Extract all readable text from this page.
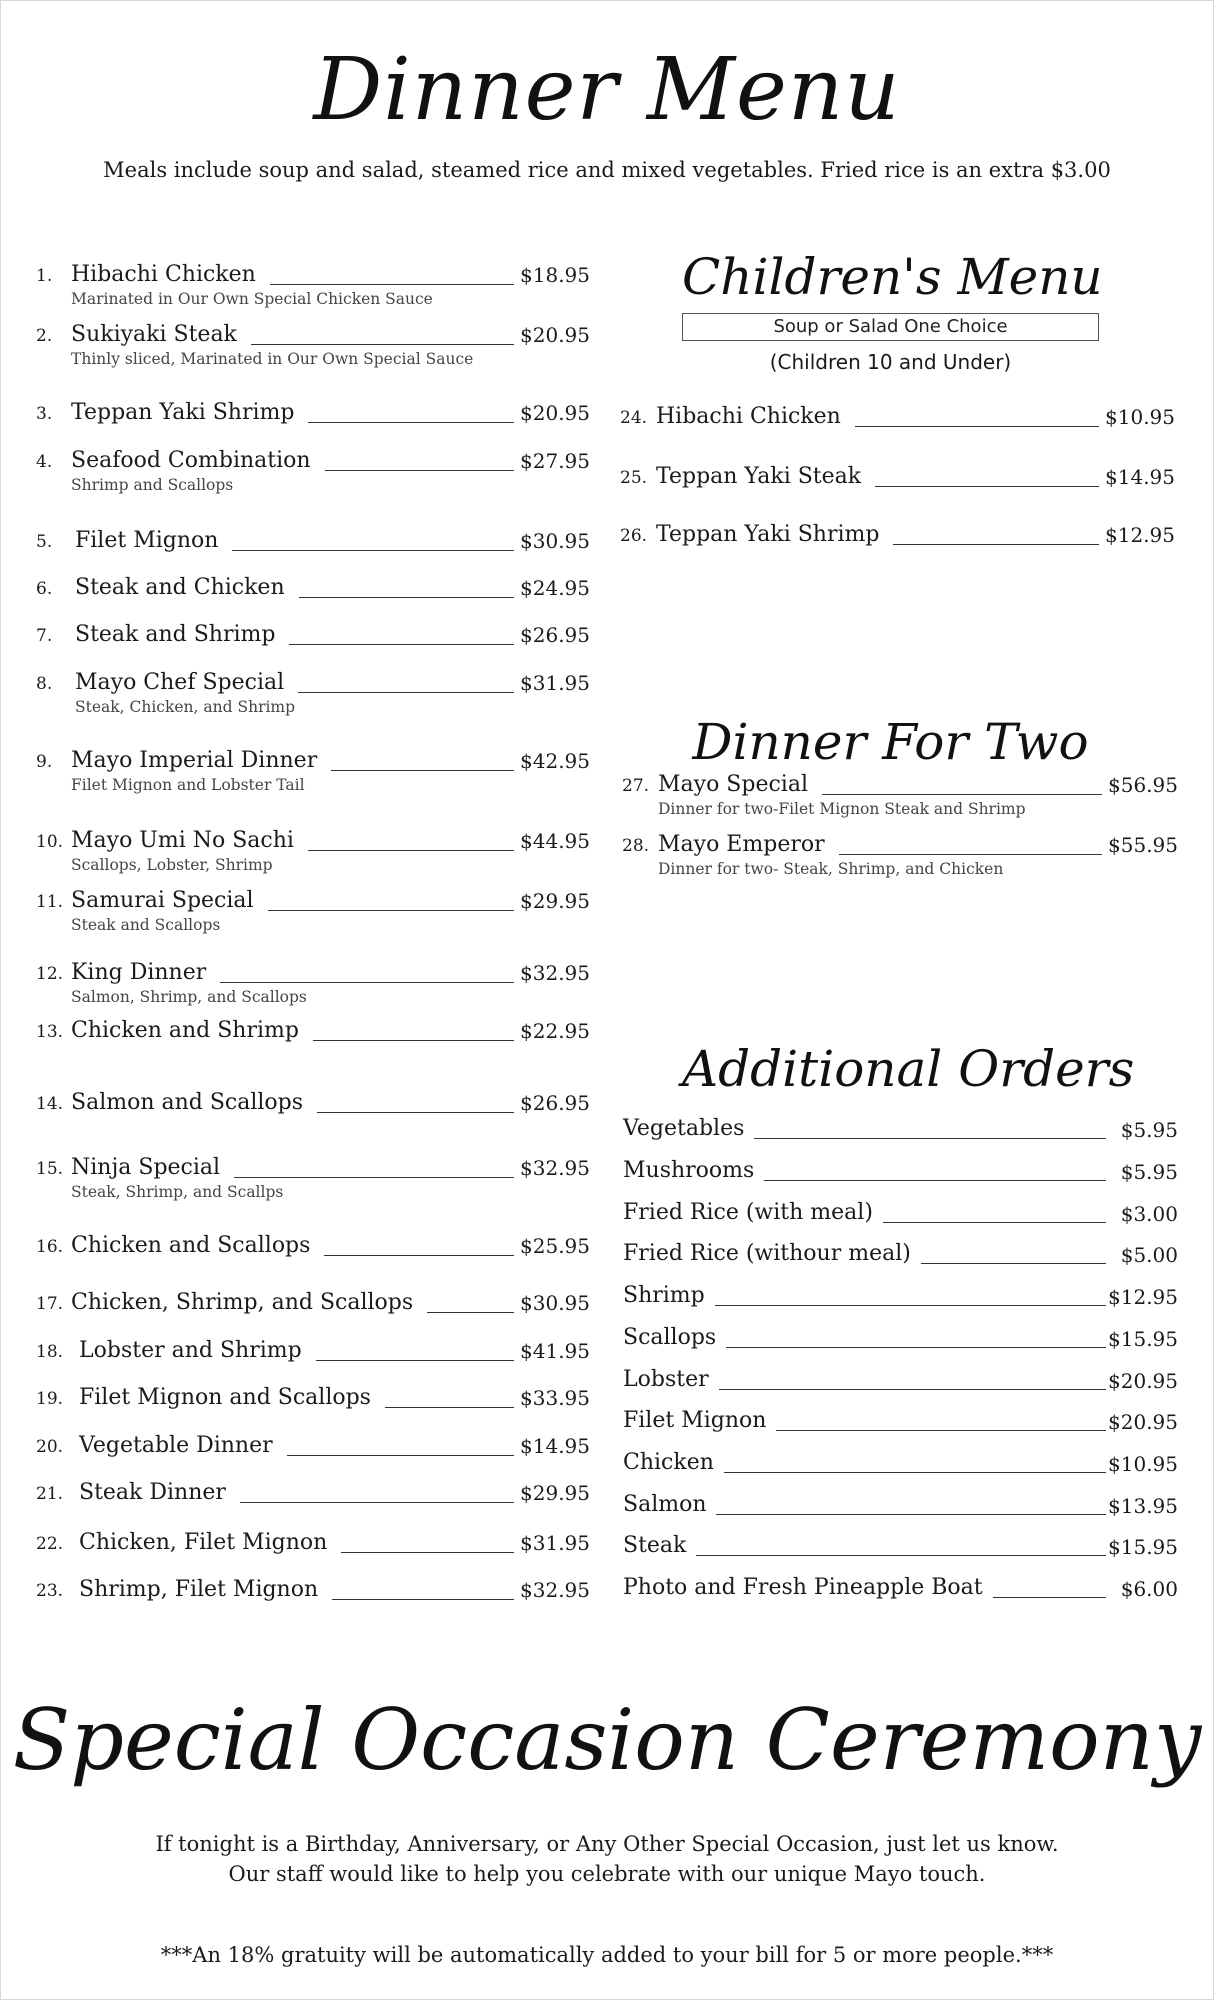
Dinner Menu
Meals include soup and salad, steamed rice and mixed vegetables. Fried rice is an extra $3.00
1. Hibachi Chicken
Marinated in Our Own Special Chicken Sauce
$18.95
2. Sukiyaki Steak
Thinly sliced, Marinated in Our Own Special Sauce
$20.95
3. Teppan Yaki Shrimp	$20.95
4. Seafood Combination
Shrimp and Scallops
$27.95
5. Filet Mignon	$30.95
6. Steak and Chicken	$24.95
7. Steak and Shrimp	$26.95
8. Mayo Chef Special
Steak, Chicken, and Shrimp
$31.95
9. Mayo Imperial Dinner
Filet Mignon and Lobster Tail
$42.95
10. Mayo Umi No Sachi
Scallops, Lobster, Shrimp
$44.95
11. Samurai Special
Steak and Scallops
$29.95
12. King Dinner
Salmon, Shrimp, and Scallops
$32.95
13. Chicken and Shrimp	$22.95
14. Salmon and Scallops	$26.95
15. Ninja Special
Steak, Shrimp, and Scallps
$32.95
16. Chicken and Scallops	$25.95
17. Chicken, Shrimp, and Scallops	$30.95
18. Lobster and Shrimp	$41.95
19. Filet Mignon and Scallops	$33.95
20. Vegetable Dinner	$14.95
21. Steak Dinner	$29.95
22. Chicken, Filet Mignon	$31.95
23. Shrimp, Filet Mignon	$32.95
Children's Menu
Soup or Salad One Choice
(Children 10 and Under)
24. Hibachi Chicken	$10.95
25. Teppan Yaki Steak	$14.95
26. Teppan Yaki Shrimp	$12.95
Dinner For Two
27. Mayo Special
Dinner for two-Filet Mignon Steak and Shrimp
$56.95
28. Mayo Emperor
Dinner for two- Steak, Shrimp, and Chicken
$55.95
Additional Orders
Vegetables	$5.95
Mushrooms	$5.95
Fried Rice (with meal)	$3.00
Fried Rice (withour meal)	$5.00
Shrimp	$12.95
Scallops	$15.95
Lobster	$20.95
Filet Mignon	$20.95
Chicken	$10.95
Salmon	$13.95
Steak	$15.95
Photo and Fresh Pineapple Boat	$6.00
Special Occasion Ceremony
If tonight is a Birthday, Anniversary, or Any Other Special Occasion, just let us know.
Our staff would like to help you celebrate with our unique Mayo touch.
***An 18% gratuity will be automatically added to your bill for 5 or more people.***
